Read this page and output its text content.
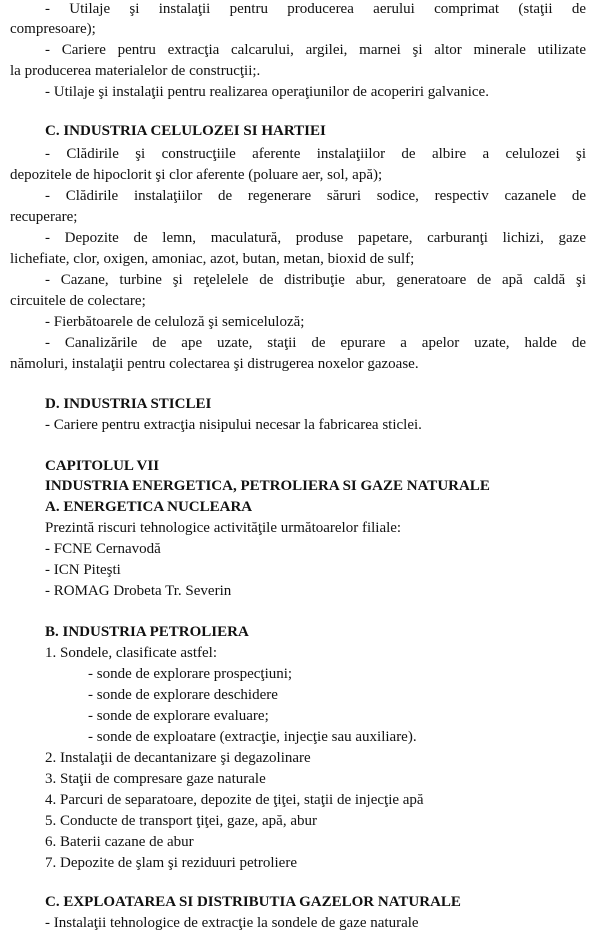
- Utilaje şi instalaţii pentru producerea aerului comprimat (staţii de
compresoare);
- Cariere pentru extracţia calcarului, argilei, marnei şi altor minerale utilizate
la producerea materialelor de construcţii;.
- Utilaje şi instalaţii pentru realizarea operaţiunilor de acoperiri galvanice.
C. INDUSTRIA CELULOZEI SI HARTIEI
- Clădirile şi construcţiile aferente instalaţiilor de albire a celulozei şi
depozitele de hipoclorit şi clor aferente (poluare aer, sol, apă);
- Clădirile instalaţiilor de regenerare săruri sodice, respectiv cazanele de
recuperare;
- Depozite de lemn, maculatură, produse papetare, carburanţi lichizi, gaze
lichefiate, clor, oxigen, amoniac, azot, butan, metan, bioxid de sulf;
- Cazane, turbine şi reţelelele de distribuţie abur, generatoare de apă caldă şi
circuitele de colectare;
- Fierbătoarele de celuloză şi semiceluloză;
- Canalizările de ape uzate, staţii de epurare a apelor uzate, halde de
nămoluri, instalaţii pentru colectarea şi distrugerea noxelor gazoase.
D. INDUSTRIA STICLEI
- Cariere pentru extracţia nisipului necesar la fabricarea sticlei.
CAPITOLUL VII
INDUSTRIA ENERGETICA, PETROLIERA SI GAZE NATURALE
A. ENERGETICA NUCLEARA
Prezintă riscuri tehnologice activităţile următoarelor filiale:
- FCNE Cernavodă
- ICN Piteşti
- ROMAG Drobeta Tr. Severin
B. INDUSTRIA PETROLIERA
1. Sondele, clasificate astfel:
- sonde de explorare prospecţiuni;
- sonde de explorare deschidere
- sonde de explorare evaluare;
- sonde de exploatare (extracţie, injecţie sau auxiliare).
2. Instalaţii de decantanizare şi degazolinare
3. Staţii de compresare gaze naturale
4. Parcuri de separatoare, depozite de ţiţei, staţii de injecţie apă
5. Conducte de transport ţiţei, gaze, apă, abur
6. Baterii cazane de abur
7. Depozite de şlam şi reziduuri petroliere
C. EXPLOATAREA SI DISTRIBUTIA GAZELOR NATURALE
- Instalaţii tehnologice de extracţie la sondele de gaze naturale
